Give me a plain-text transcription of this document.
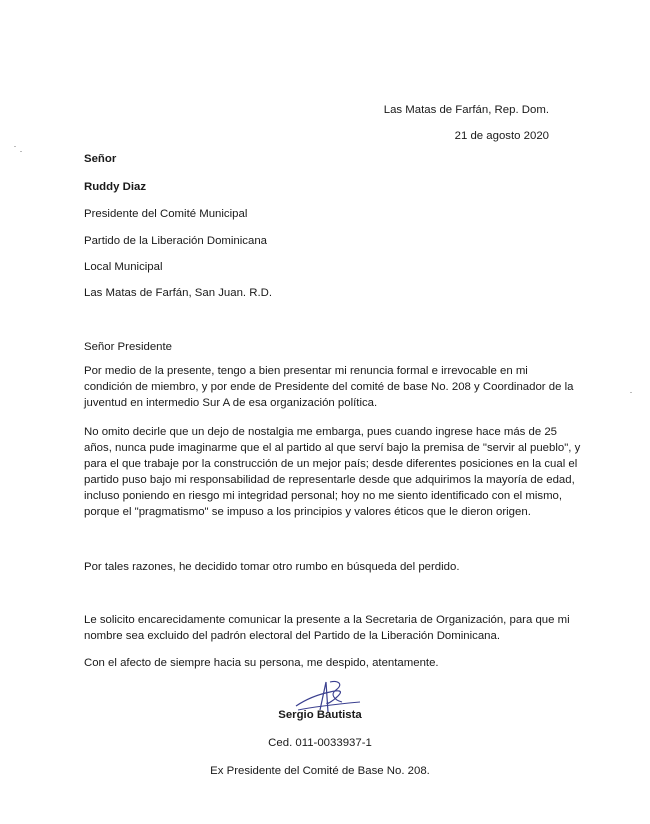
Las Matas de Farfán, Rep. Dom.
21 de agosto 2020
Señor
Ruddy Diaz
Presidente del Comité Municipal
Partido de la Liberación Dominicana
Local Municipal
Las Matas de Farfán, San Juan. R.D.
Señor Presidente
Por medio de la presente, tengo a bien presentar mi renuncia formal e irrevocable en mi
condición de miembro, y por ende de Presidente del comité de base No. 208 y Coordinador de la
juventud en intermedio Sur A de esa organización política.
No omito decirle que un dejo de nostalgia me embarga, pues cuando ingrese hace más de 25
años, nunca pude imaginarme que el al partido al que serví bajo la premisa de "servir al pueblo", y
para el que trabaje por la construcción de un mejor país; desde diferentes posiciones en la cual el
partido puso bajo mi responsabilidad de representarle desde que adquirimos la mayoría de edad,
incluso poniendo en riesgo mi integridad personal; hoy no me siento identificado con el mismo,
porque el "pragmatismo" se impuso a los principios y valores éticos que le dieron origen.
Por tales razones, he decidido tomar otro rumbo en búsqueda del perdido.
Le solicito encarecidamente comunicar la presente a la Secretaria de Organización, para que mi
nombre sea excluido del padrón electoral del Partido de la Liberación Dominicana.
Con el afecto de siempre hacia su persona, me despido, atentamente.
Sergio Bautista
Ced. 011-0033937-1
Ex Presidente del Comité de Base No. 208.
